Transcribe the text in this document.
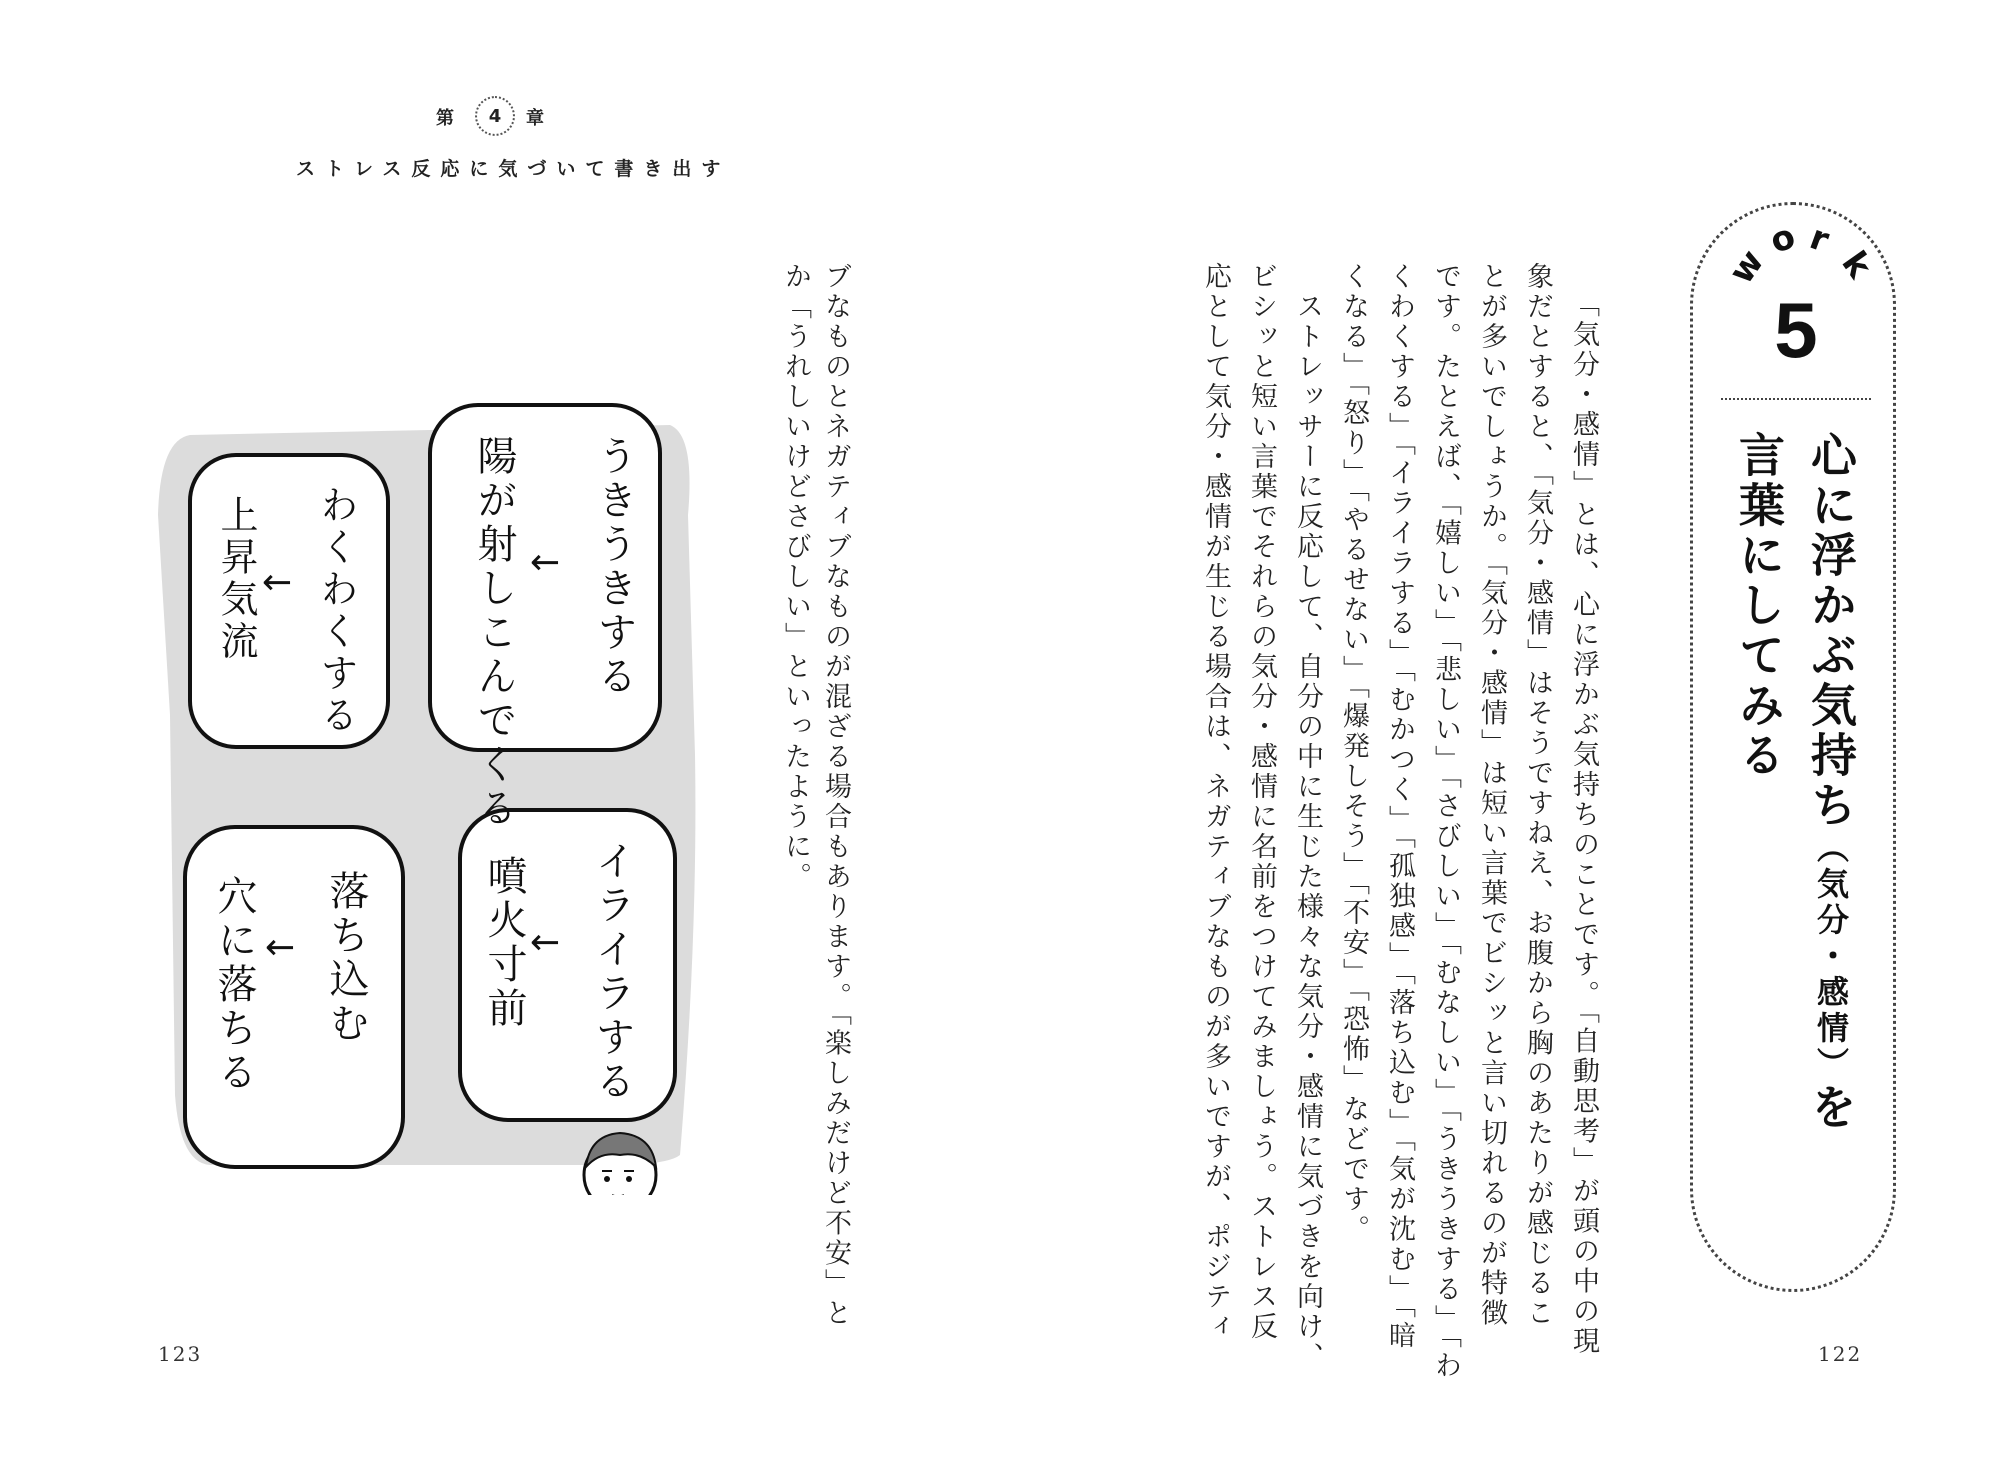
第	4	章
ストレス反応に気づいて書き出す
ブなものとネガティブなものが混ざる場合もあります。「楽しみだけど不安」と
か「うれしいけどさびしい」といったように。
うきうきする
←
陽が射しこんでくる
わくわくする
←
上昇気流
イライラする
←
噴火寸前
落ち込む
←
穴に落ちる
123	「気分・感情」とは、心に浮かぶ気持ちのことです。「自動思考」が頭の中の現
象だとすると、「気分・感情」はそうですねえ、お腹から胸のあたりが感じるこ
とが多いでしょうか。「気分・感情」は短い言葉でビシッと言い切れるのが特徴
です。たとえば、「嬉しい」「悲しい」「さびしい」「むなしい」「うきうきする」「わ
くわくする」「イライラする」「むかつく」「孤独感」「落ち込む」「気が沈む」「暗
くなる」「怒り」「やるせない」「爆発しそう」「不安」「恐怖」などです。
　ストレッサーに反応して、自分の中に生じた様々な気分・感情に気づきを向け、
ビシッと短い言葉でそれらの気分・感情に名前をつけてみましょう。ストレス反
応として気分・感情が生じる場合は、ネガティブなものが多いですが、ポジティ	w
o r
k
5
心に浮かぶ気持ち（気分・感情）を
言葉にしてみる
122
